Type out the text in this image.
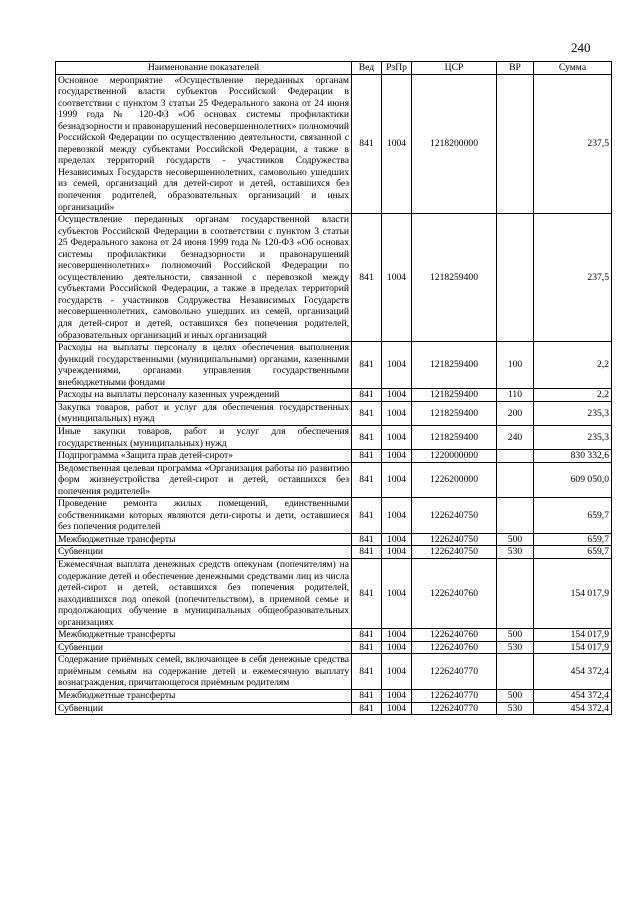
240
Наименование показателей	Вед	РзПр	ЦСР	ВР	Сумма
Основное мероприятие «Осуществление переданных органам государственной власти субъектов Российской Федерации в соответствии с пунктом 3 статьи 25 Федерального закона от 24 июня 1999 года № 120-ФЗ «Об основах системы профилактики безнадзорности и правонарушений несовершеннолетних» полномочий Российской Федерации по осуществлению деятельности, связанной с перевозкой между субъектами Российской Федерации, а также в пределах территорий государств - участников Содружества Независимых Государств несовершеннолетних, самовольно ушедших из семей, организаций для детей-сирот и детей, оставшихся без попечения родителей, образовательных организаций и иных организаций»	841	1004	1218200000		237,5
Осуществление переданных органам государственной власти субъектов Российской Федерации в соответствии с пунктом 3 статьи 25 Федерального закона от 24 июня 1999 года № 120-ФЗ «Об основах системы профилактики безнадзорности и правонарушений несовершеннолетних» полномочий Российской Федерации по осуществлению деятельности, связанной с перевозкой между субъектами Российской Федерации, а также в пределах территорий государств - участников Содружества Независимых Государств несовершеннолетних, самовольно ушедших из семей, организаций для детей-сирот и детей, оставшихся без попечения родителей, образовательных организаций и иных организаций	841	1004	1218259400		237,5
Расходы на выплаты персоналу в целях обеспечения выполнения функций государственными (муниципальными) органами, казенными учреждениями, органами управления государственными внебюджетными фондами	841	1004	1218259400	100	2,2
Расходы на выплаты персоналу казенных учреждений	841	1004	1218259400	110	2,2
Закупка товаров, работ и услуг для обеспечения государственных (муниципальных) нужд	841	1004	1218259400	200	235,3
Иные закупки товаров, работ и услуг для обеспечения государственных (муниципальных) нужд	841	1004	1218259400	240	235,3
Подпрограмма «Защита прав детей-сирот»	841	1004	1220000000		830 332,6
Ведомственная целевая программа «Организация работы по развитию форм жизнеустройства детей-сирот и детей, оставшихся без попечения родителей»	841	1004	1226200000		609 050,0
Проведение ремонта жилых помещений, единственными собственниками которых являются дети-сироты и дети, оставшиеся без попечения родителей	841	1004	1226240750		659,7
Межбюджетные трансферты	841	1004	1226240750	500	659,7
Субвенции	841	1004	1226240750	530	659,7
Ежемесячная выплата денежных средств опекунам (попечителям) на содержание детей и обеспечение денежными средствами лиц из числа детей-сирот и детей, оставшихся без попечения родителей, находившихся под опекой (попечительством), в приемной семье и продолжающих обучение в муниципальных общеобразовательных организациях	841	1004	1226240760		154 017,9
Межбюджетные трансферты	841	1004	1226240760	500	154 017,9
Субвенции	841	1004	1226240760	530	154 017,9
Содержание приёмных семей, включающее в себя денежные средства приёмным семьям на содержание детей и ежемесячную выплату вознаграждения, причитающегося приёмным родителям	841	1004	1226240770		454 372,4
Межбюджетные трансферты	841	1004	1226240770	500	454 372,4
Субвенции	841	1004	1226240770	530	454 372,4
